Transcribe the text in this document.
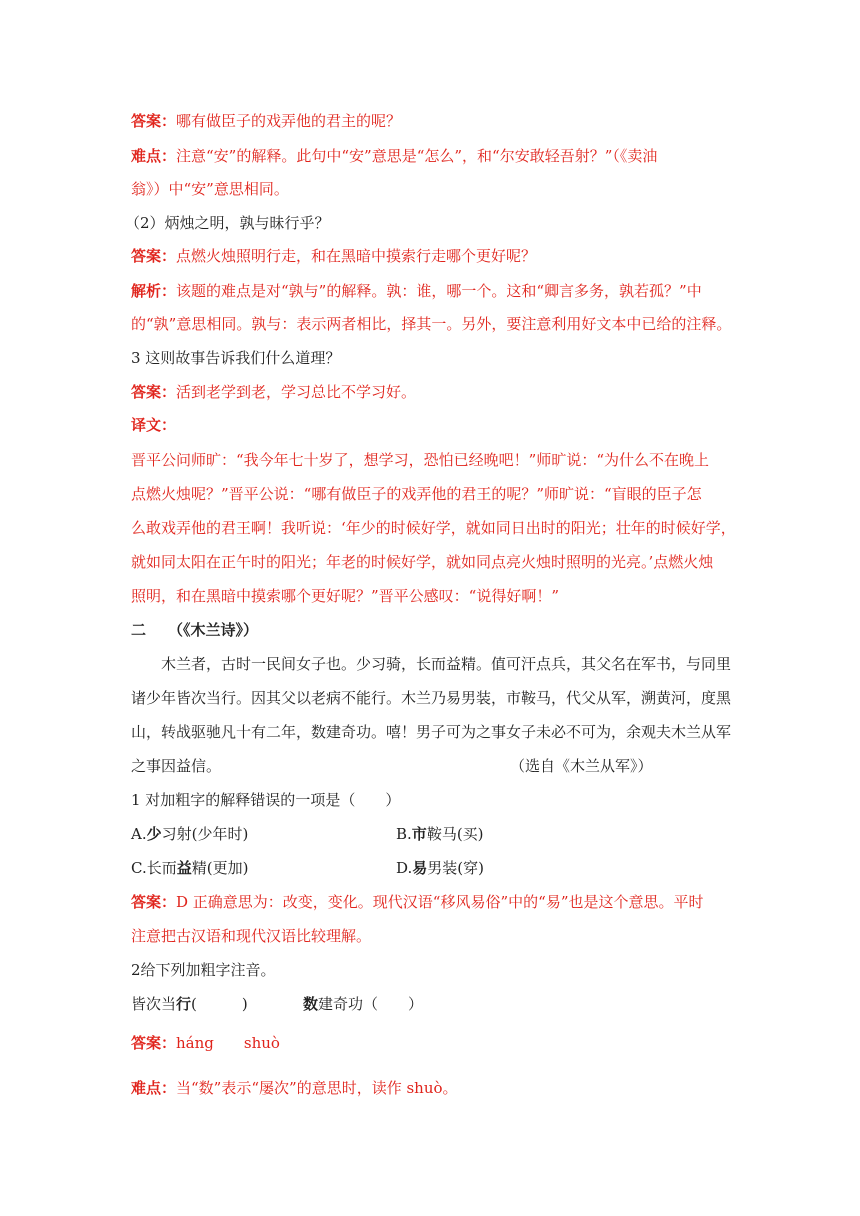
答案：哪有做臣子的戏弄他的君主的呢？
难点：注意“安”的解释。此句中“安”意思是“怎么”，和“尔安敢轻吾射？”（《卖油
翁》）中“安”意思相同。
（2）炳烛之明，孰与昧行乎？
答案：点燃火烛照明行走，和在黑暗中摸索行走哪个更好呢？
解析：该题的难点是对“孰与”的解释。孰：谁，哪一个。这和“卿言多务，孰若孤？”中
的“孰”意思相同。孰与：表示两者相比，择其一。另外，要注意利用好文本中已给的注释。
3 这则故事告诉我们什么道理？
答案：活到老学到老，学习总比不学习好。
译文：
晋平公问师旷：“我今年七十岁了，想学习，恐怕已经晚吧！”师旷说：“为什么不在晚上
点燃火烛呢？”晋平公说：“哪有做臣子的戏弄他的君王的呢？”师旷说：“盲眼的臣子怎
么敢戏弄他的君王啊！我听说：‘年少的时候好学，就如同日出时的阳光；壮年的时候好学，
就如同太阳在正午时的阳光；年老的时候好学，就如同点亮火烛时照明的光亮。’点燃火烛
照明，和在黑暗中摸索哪个更好呢？”晋平公感叹：“说得好啊！”
二 （《木兰诗》）
木兰者，古时一民间女子也。少习骑，长而益精。值可汗点兵，其父名在军书，与同里
诸少年皆次当行。因其父以老病不能行。木兰乃易男装，市鞍马，代父从军，溯黄河，度黑
山，转战驱驰凡十有二年，数建奇功。嘻！男子可为之事女子未必不可为，余观夫木兰从军
之事因益信。	（选自《木兰从军》）
1 对加粗字的解释错误的一项是（　　）
A.少习射(少年时)	B.市鞍马(买)
C.长而益精(更加)	D.易男装(穿)
答案：D 正确意思为：改变，变化。现代汉语“移风易俗”中的“易”也是这个意思。平时
注意把古汉语和现代汉语比较理解。
2给下列加粗字注音。
皆次当行(　　　)	数建奇功（　　）
答案：háng shuò
难点：当“数”表示“屡次”的意思时，读作 shuò。
